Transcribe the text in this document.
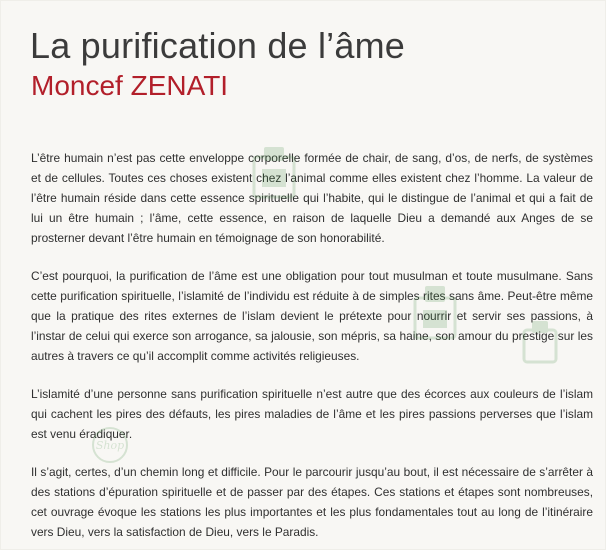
La purification de l’âme
Moncef ZENATI

L’être humain n’est pas cette enveloppe corporelle formée de chair, de sang, d’os, de nerfs, de systèmes et de cellules. Toutes ces choses existent chez l’animal comme elles existent chez l’homme. La valeur de l’être humain réside dans cette essence spirituelle qui l’habite, qui le distingue de l’animal et qui a fait de lui un être humain ; l’âme, cette essence, en raison de laquelle Dieu a demandé aux Anges de se prosterner devant l’être humain en témoignage de son honorabilité.

C’est pourquoi, la purification de l’âme est une obligation pour tout musulman et toute musulmane. Sans cette purification spirituelle, l’islamité de l’individu est réduite à de simples rites sans âme. Peut-être même que la pratique des rites externes de l’islam devient le prétexte pour nourrir et servir ses passions, à l’instar de celui qui exerce son arrogance, sa jalousie, son mépris, sa haine, son amour du prestige sur les autres à travers ce qu’il accomplit comme activités religieuses.

L’islamité d’une personne sans purification spirituelle n’est autre que des écorces aux couleurs de l’islam qui cachent les pires des défauts, les pires maladies de l’âme et les pires passions perverses que l’islam est venu éradiquer.

Il s’agit, certes, d’un chemin long et difficile. Pour le parcourir jusqu’au bout, il est nécessaire de s’arrêter à des stations d’épuration spirituelle et de passer par des étapes. Ces stations et étapes sont nombreuses, cet ouvrage évoque les stations les plus importantes et les plus fondamentales tout au long de l’itinéraire vers Dieu, vers la satisfaction de Dieu, vers le Paradis.

Shop
